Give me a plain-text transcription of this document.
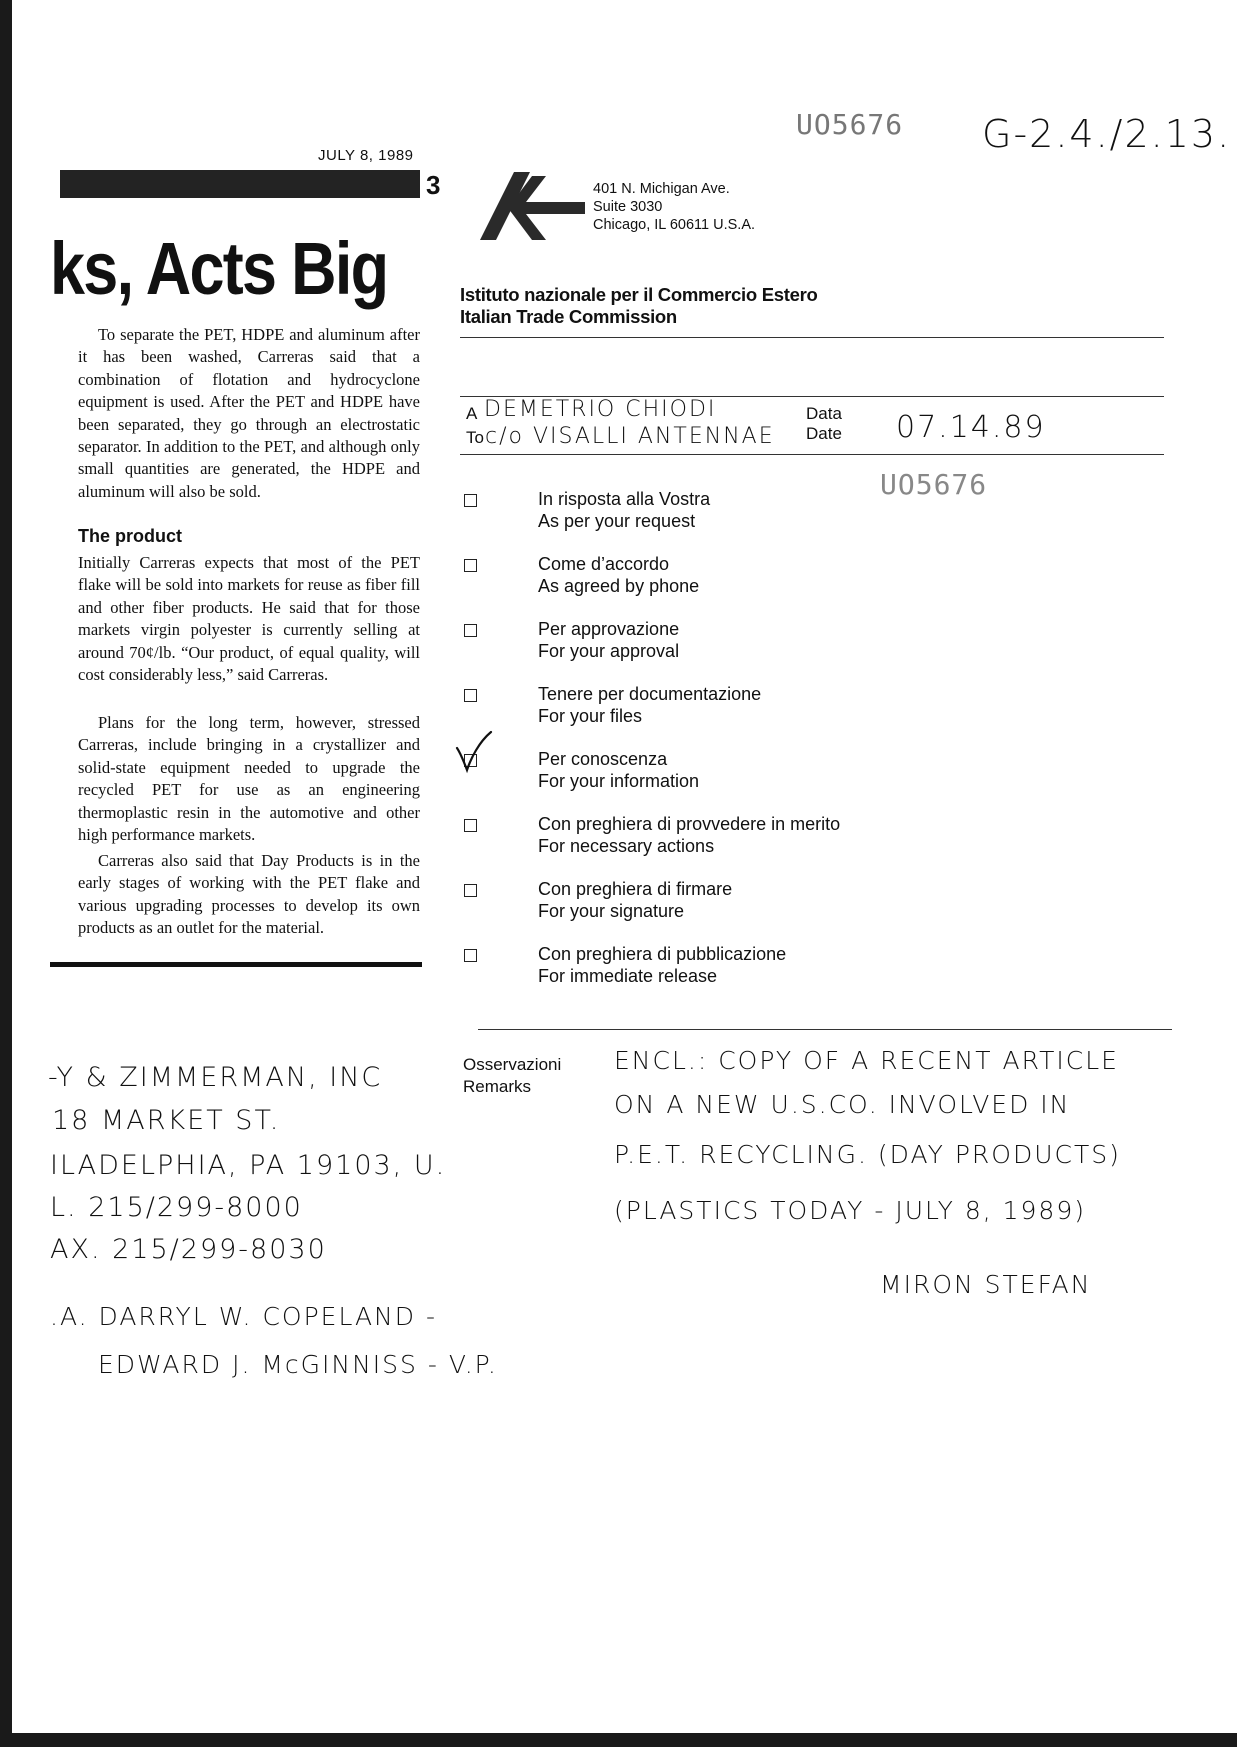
JULY 8, 1989
3
ks, Acts Big
To separate the PET, HDPE and aluminum after it has been washed, Carreras said that a combination of flotation and hydrocyclone equipment is used. After the PET and HDPE have been separated, they go through an electrostatic separator. In addition to the PET, and although only small quantities are generated, the HDPE and aluminum will also be sold.
The product
Initially Carreras expects that most of the PET flake will be sold into markets for reuse as fiber fill and other fiber products. He said that for those markets virgin polyester is currently selling at around 70¢/lb. “Our product, of equal quality, will cost considerably less,” said Carreras.
Plans for the long term, however, stressed Carreras, include bringing in a crystallizer and solid-state equipment needed to upgrade the recycled PET for use as an engineering thermoplastic resin in the automotive and other high performance markets.
Carreras also said that Day Products is in the early stages of working with the PET flake and various upgrading processes to develop its own products as an outlet for the material.
UO5676 G-2.4./2.13.
401 N. Michigan Ave.
Suite 3030
Chicago, IL 60611 U.S.A.
Istituto nazionale per il Commercio Estero
Italian Trade Commission
A
To
DEMETRIO CHIODI
c/o VISALLI ANTENNAE
Data
Date 07.14.89
UO5676
In risposta alla Vostra
As per your request
Come d’accordo
As agreed by phone
Per approvazione
For your approval
Tenere per documentazione
For your files
Per conoscenza
For your information
Con preghiera di provvedere in merito
For necessary actions
Con preghiera di firmare
For your signature
Con preghiera di pubblicazione
For immediate release
Osservazioni
Remarks
ENCL.: COPY OF A RECENT ARTICLE
ON A NEW U.S.CO. INVOLVED IN
P.E.T. RECYCLING. (DAY PRODUCTS)
(PLASTICS TODAY - JULY 8, 1989)
MIRON STEFAN
-Y & ZIMMERMAN, INC
18 MARKET ST.
ILADELPHIA, PA 19103, U.
L. 215/299-8000
AX. 215/299-8030
.A. DARRYL W. COPELAND -
EDWARD J. McGINNISS - V.P.
